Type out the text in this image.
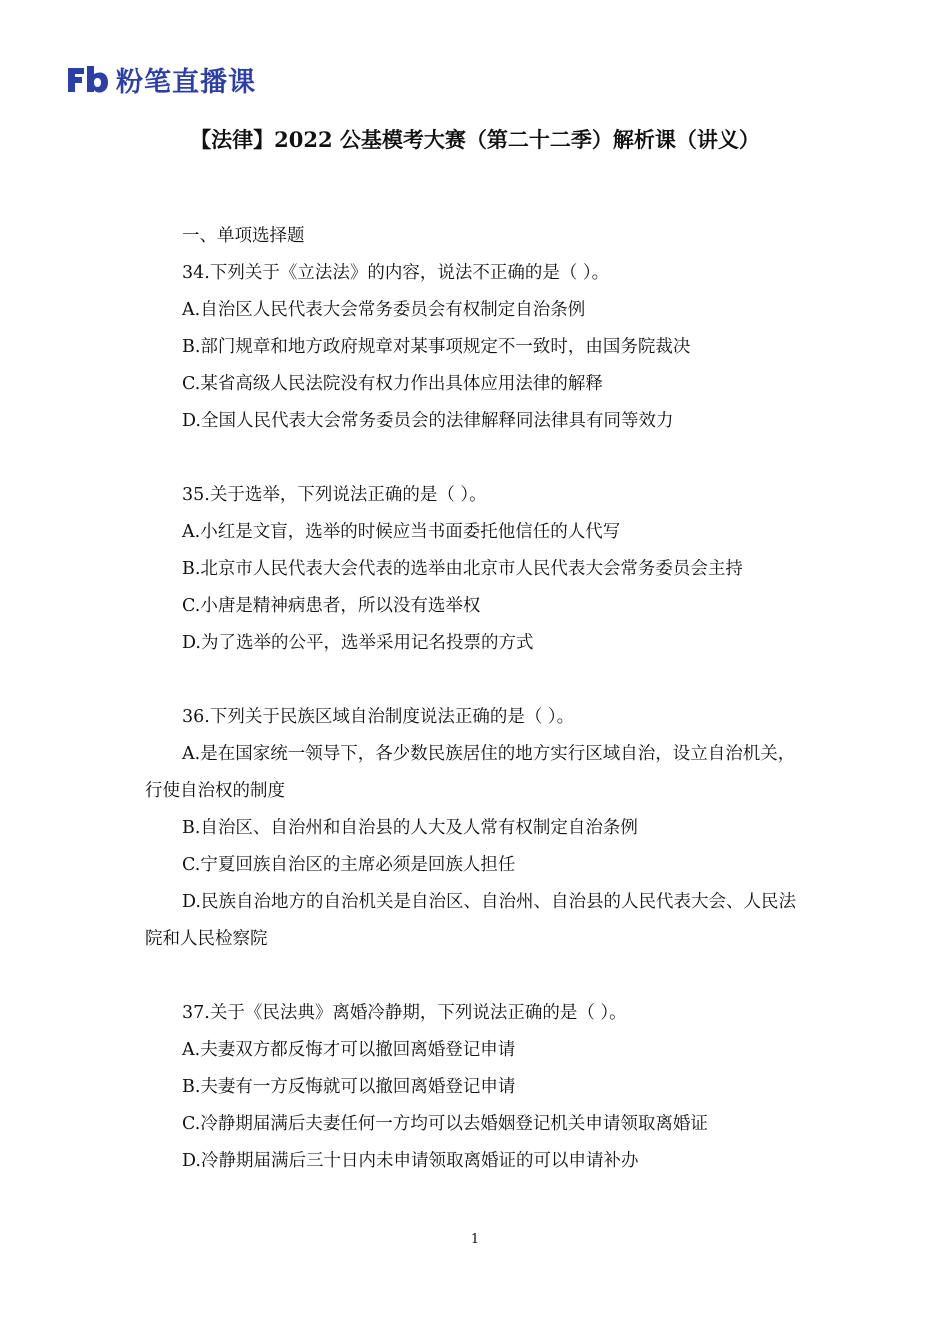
粉笔直播课
【法律】2022 公基模考大赛（第二十二季）解析课（讲义）
一、单项选择题
34.下列关于《立法法》的内容，说法不正确的是（ ）。
A.自治区人民代表大会常务委员会有权制定自治条例
B.部门规章和地方政府规章对某事项规定不一致时，由国务院裁决
C.某省高级人民法院没有权力作出具体应用法律的解释
D.全国人民代表大会常务委员会的法律解释同法律具有同等效力
35.关于选举，下列说法正确的是（ ）。
A.小红是文盲，选举的时候应当书面委托他信任的人代写
B.北京市人民代表大会代表的选举由北京市人民代表大会常务委员会主持
C.小唐是精神病患者，所以没有选举权
D.为了选举的公平，选举采用记名投票的方式
36.下列关于民族区域自治制度说法正确的是（ ）。
A.是在国家统一领导下，各少数民族居住的地方实行区域自治，设立自治机关，行使自治权的制度
B.自治区、自治州和自治县的人大及人常有权制定自治条例
C.宁夏回族自治区的主席必须是回族人担任
D.民族自治地方的自治机关是自治区、自治州、自治县的人民代表大会、人民法院和人民检察院
37.关于《民法典》离婚冷静期，下列说法正确的是（ ）。
A.夫妻双方都反悔才可以撤回离婚登记申请
B.夫妻有一方反悔就可以撤回离婚登记申请
C.冷静期届满后夫妻任何一方均可以去婚姻登记机关申请领取离婚证
D.冷静期届满后三十日内未申请领取离婚证的可以申请补办
1
